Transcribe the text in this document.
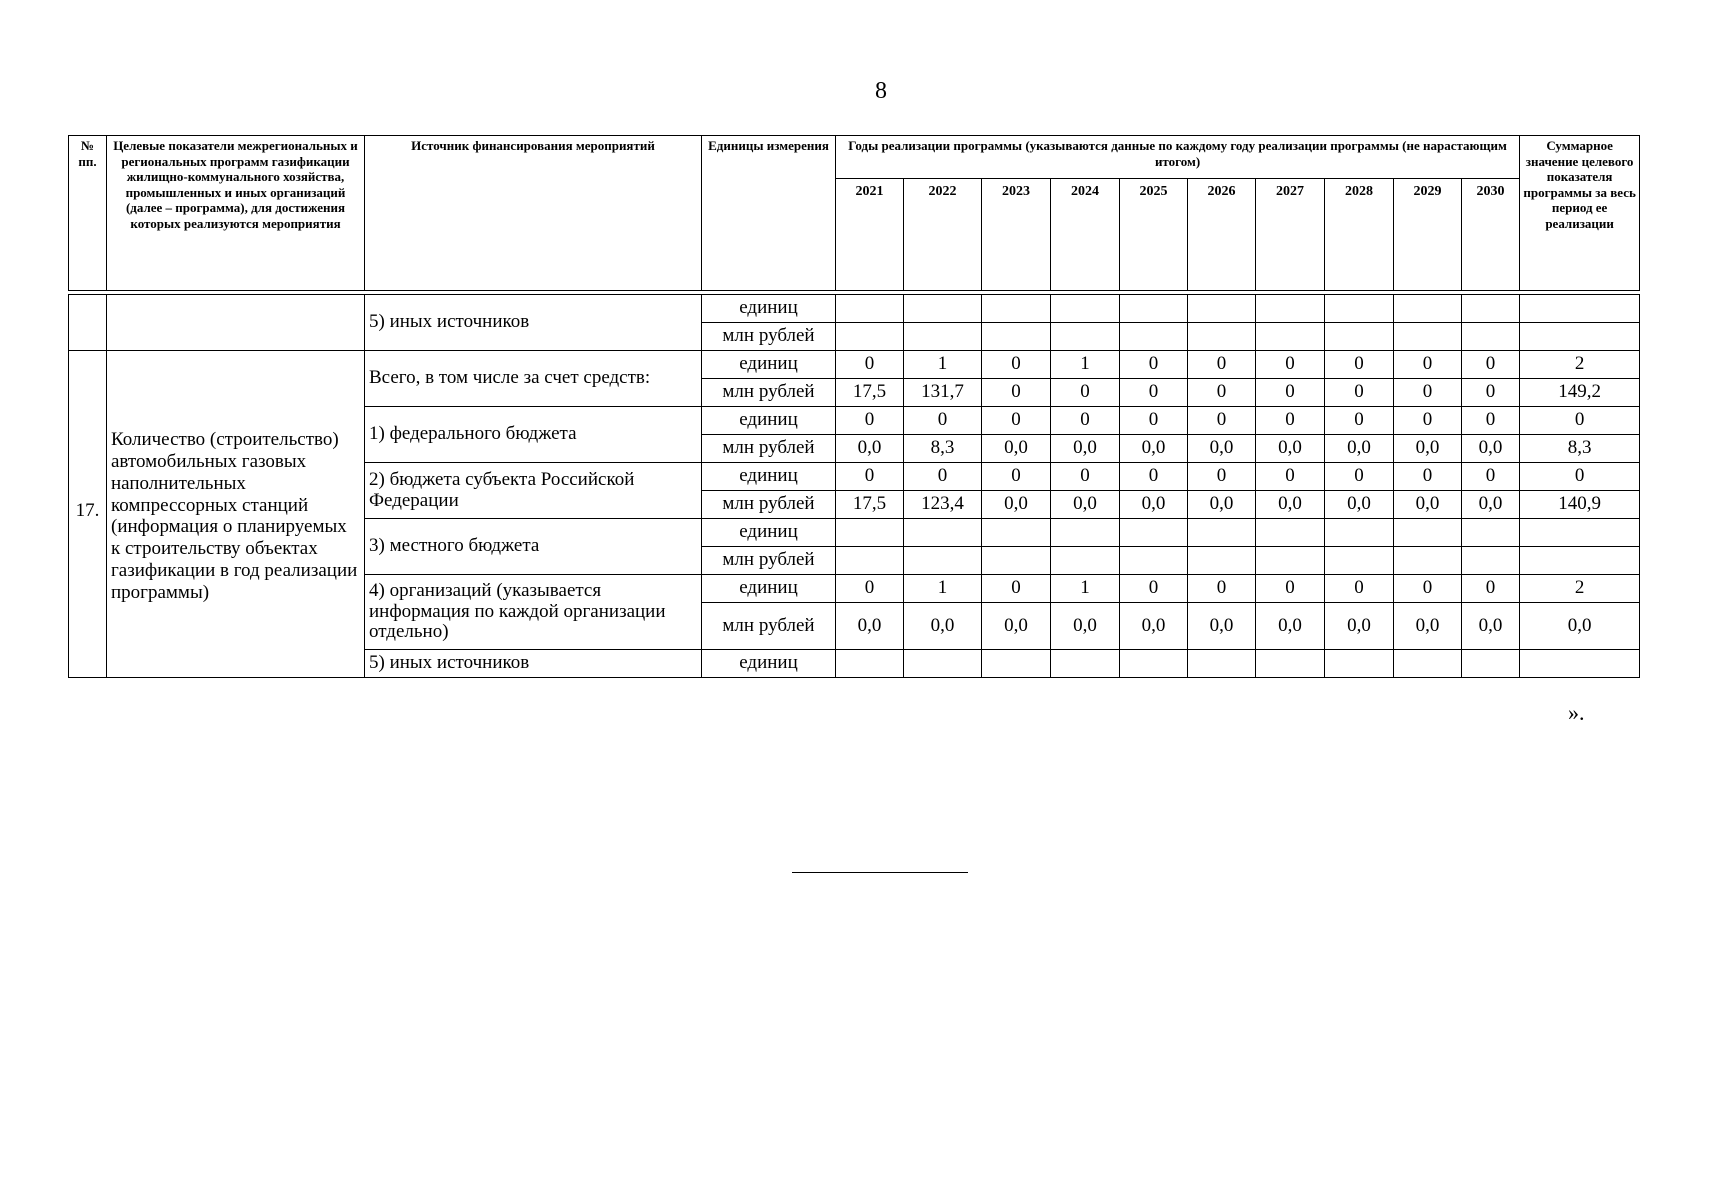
8
№ пп.	Целевые показатели межрегиональных и региональных программ газификации жилищно-коммунального хозяйства, промышленных и иных организаций (далее – программа), для достижения которых реализуются мероприятия	Источник финансирования мероприятий	Единицы измерения	Годы реализации программы (указываются данные по каждому году реализации программы (не нарастающим итогом)										Суммарное значение целевого показателя программы за весь период ее реализации
				2021	2022	2023	2024	2025	2026	2027	2028	2029	2030	

		5) иных источников	единиц											
			млн рублей											
17.	Количество (строительство) автомобильных газовых наполнительных компрессорных станций (информация о планируемых к строительству объектах газификации в год реализации программы)	Всего, в том числе за счет средств:	единиц	0	1	0	1	0	0	0	0	0	0	2
			млн рублей	17,5	131,7	0	0	0	0	0	0	0	0	149,2
		1) федерального бюджета	единиц	0	0	0	0	0	0	0	0	0	0	0
			млн рублей	0,0	8,3	0,0	0,0	0,0	0,0	0,0	0,0	0,0	0,0	8,3
		2) бюджета субъекта Российской Федерации	единиц	0	0	0	0	0	0	0	0	0	0	0
			млн рублей	17,5	123,4	0,0	0,0	0,0	0,0	0,0	0,0	0,0	0,0	140,9
		3) местного бюджета	единиц											
			млн рублей											
		4) организаций (указывается информация по каждой организации отдельно)	единиц	0	1	0	1	0	0	0	0	0	0	2
			млн рублей	0,0	0,0	0,0	0,0	0,0	0,0	0,0	0,0	0,0	0,0	0,0
		5) иных источников	единиц											
».
